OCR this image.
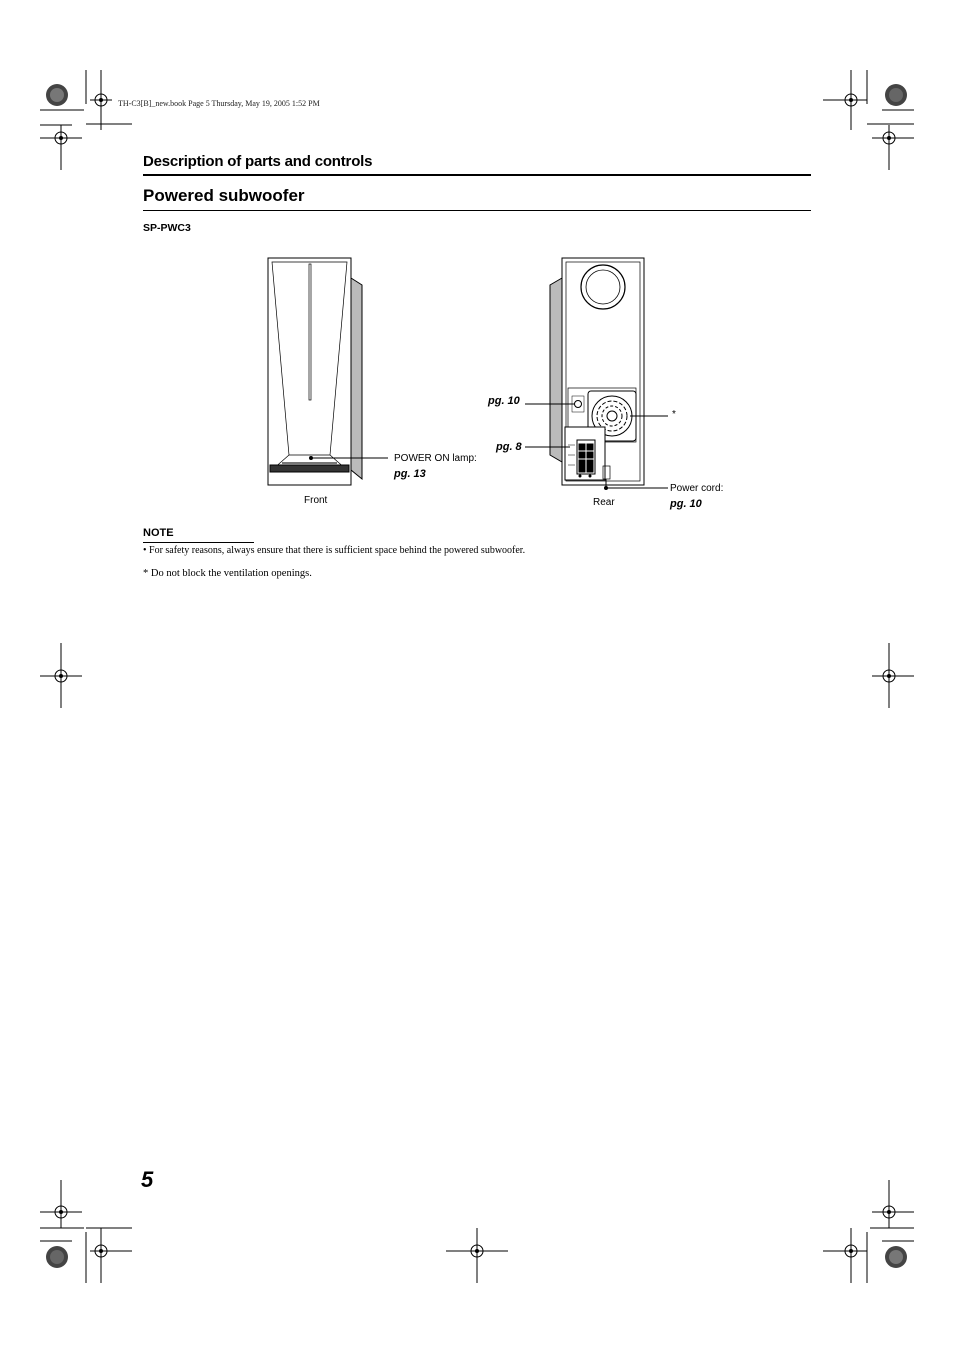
TH-C3[B]_new.book Page 5 Thursday, May 19, 2005 1:52 PM
Description of parts and controls
Powered subwoofer
SP-PWC3
Front	Rear
POWER ON lamp:
pg. 13
pg. 10
pg. 8
*
Power cord:
pg. 10
NOTE
• For safety reasons, always ensure that there is sufficient space behind the powered subwoofer.
* Do not block the ventilation openings.
5
